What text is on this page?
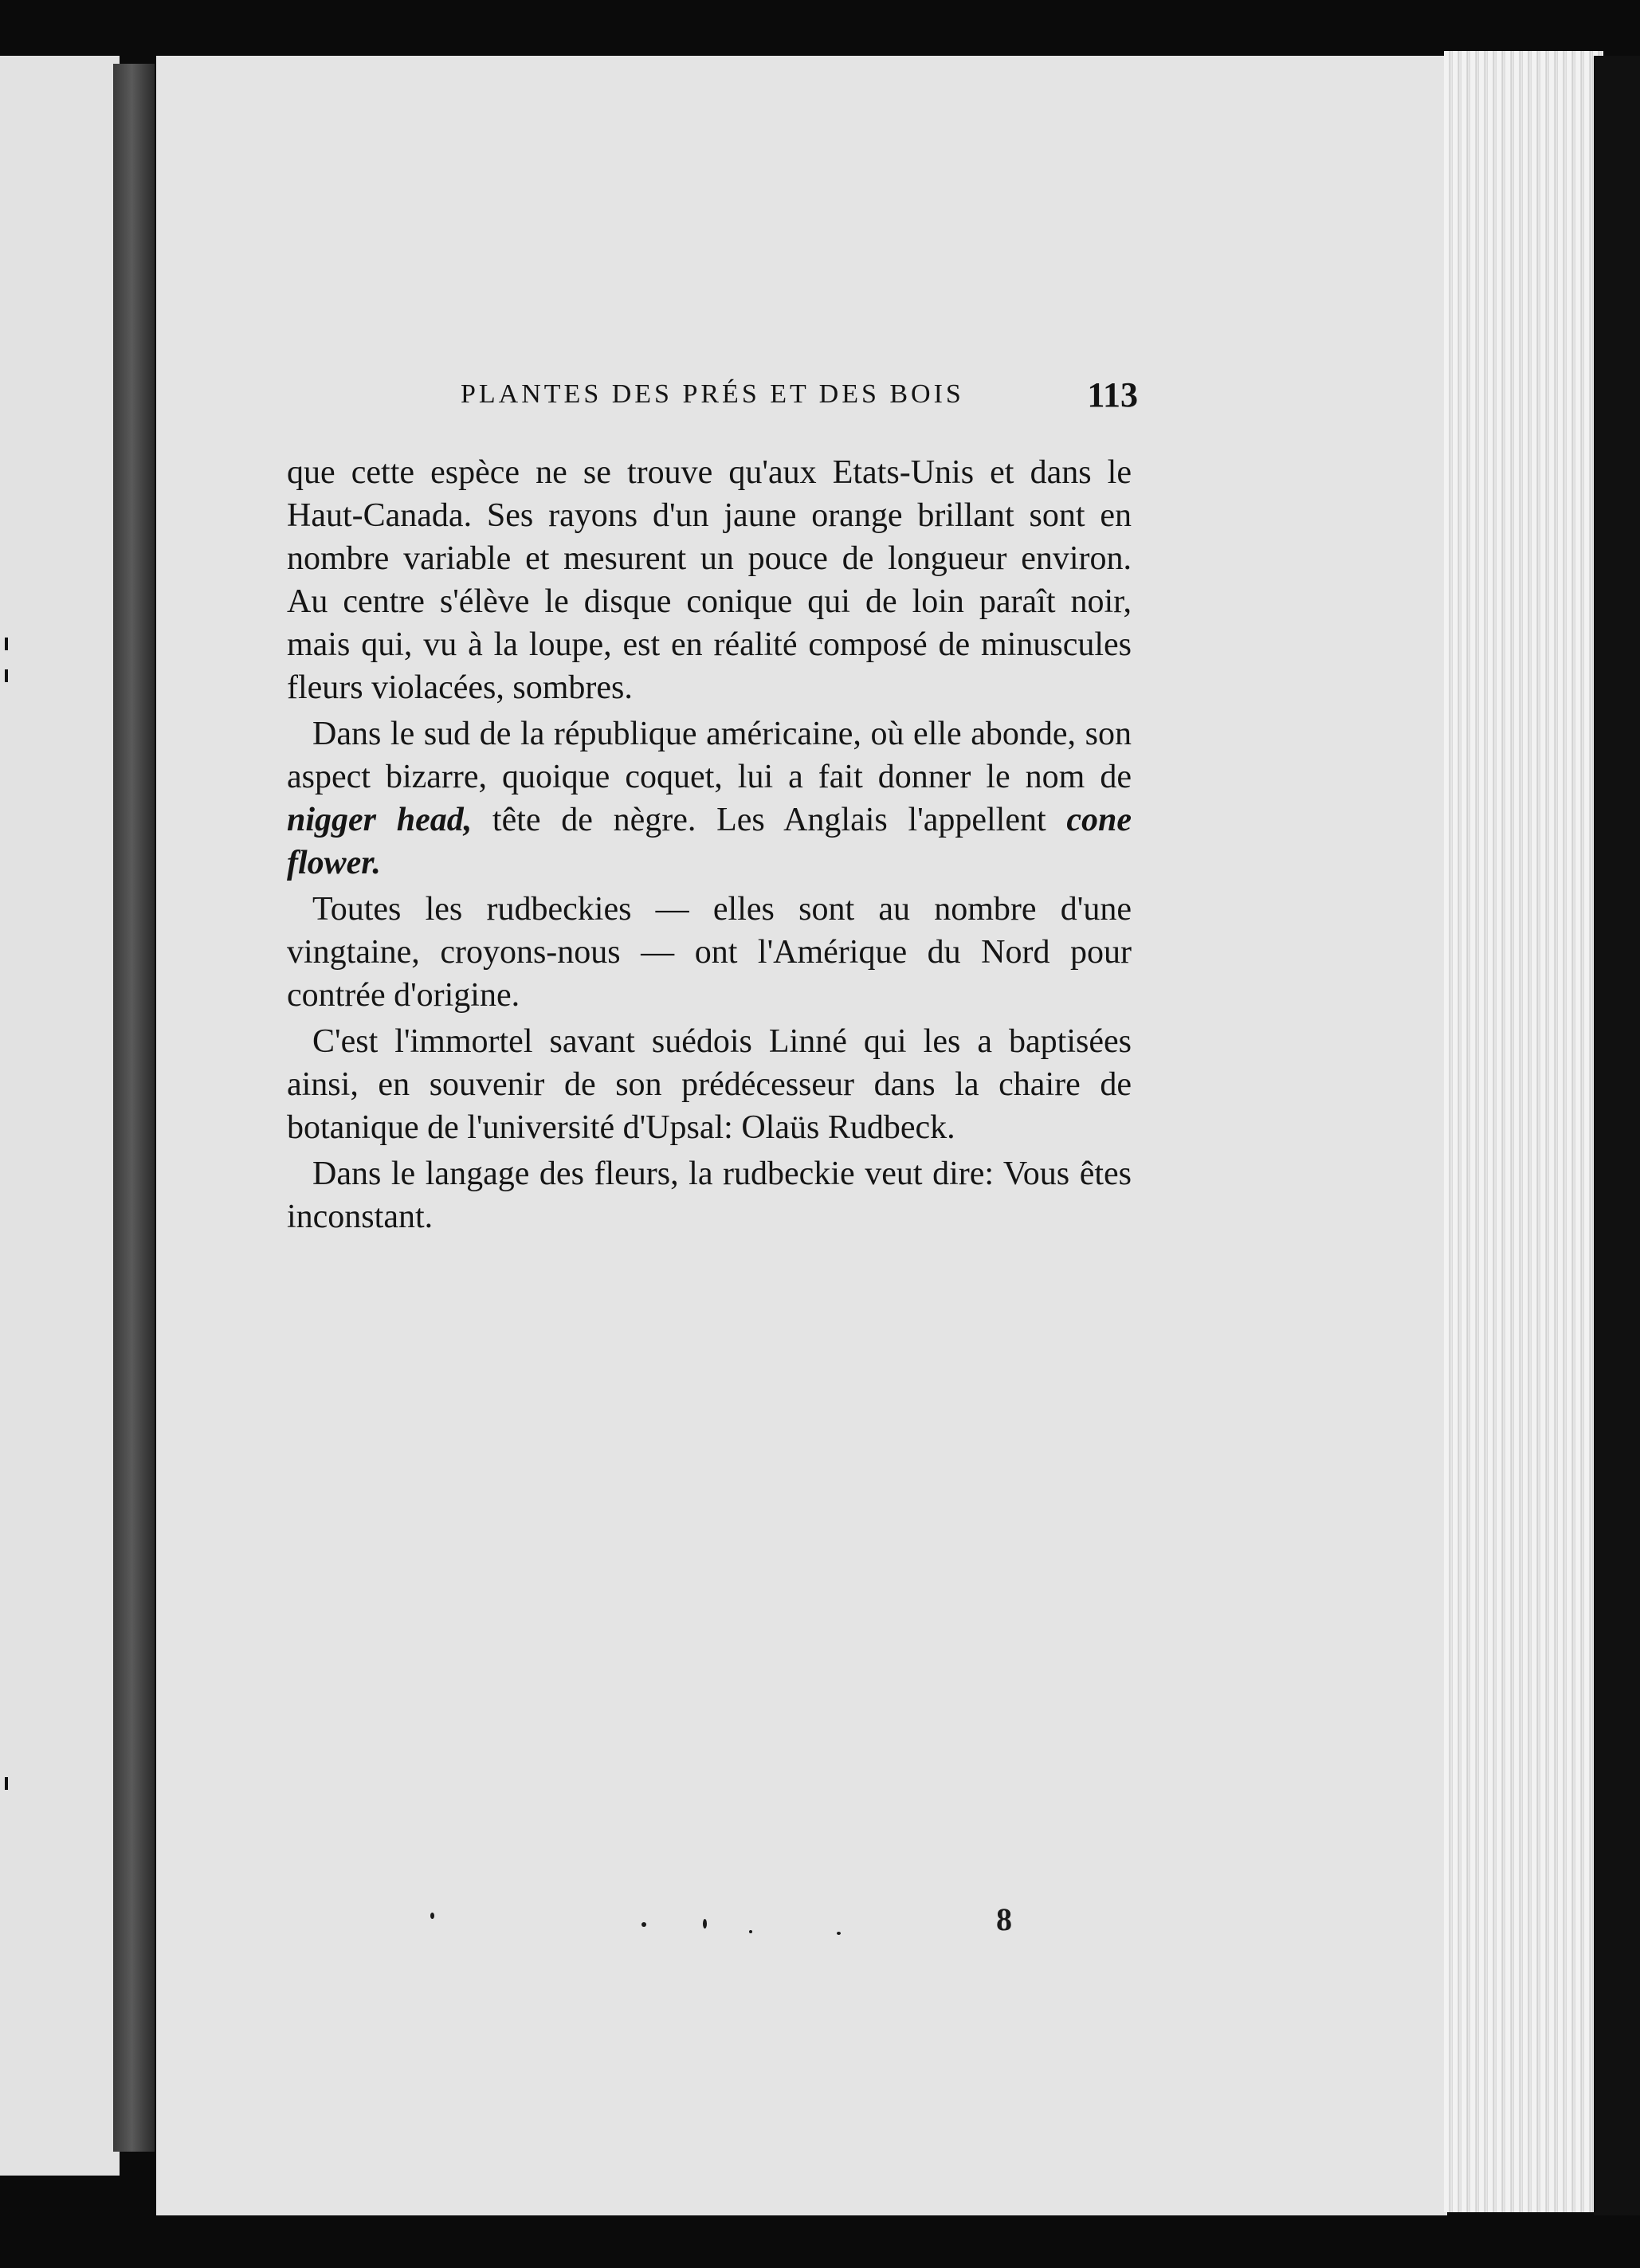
PLANTES DES PRÉS ET DES BOIS	113

que cette espèce ne se trouve qu'aux Etats-Unis et dans le Haut-Canada. Ses rayons d'un jaune orange brillant sont en nombre variable et mesurent un pouce de longueur environ. Au centre s'élève le disque conique qui de loin paraît noir, mais qui, vu à la loupe, est en réalité composé de minuscules fleurs violacées, sombres.

Dans le sud de la république américaine, où elle abonde, son aspect bizarre, quoique coquet, lui a fait donner le nom de nigger head, tête de nègre. Les Anglais l'appellent cone flower.

Toutes les rudbeckies — elles sont au nombre d'une vingtaine, croyons-nous — ont l'Amérique du Nord pour contrée d'origine.

C'est l'immortel savant suédois Linné qui les a baptisées ainsi, en souvenir de son prédécesseur dans la chaire de botanique de l'université d'Upsal: Olaüs Rudbeck.

Dans le langage des fleurs, la rudbeckie veut dire: Vous êtes inconstant.

8
